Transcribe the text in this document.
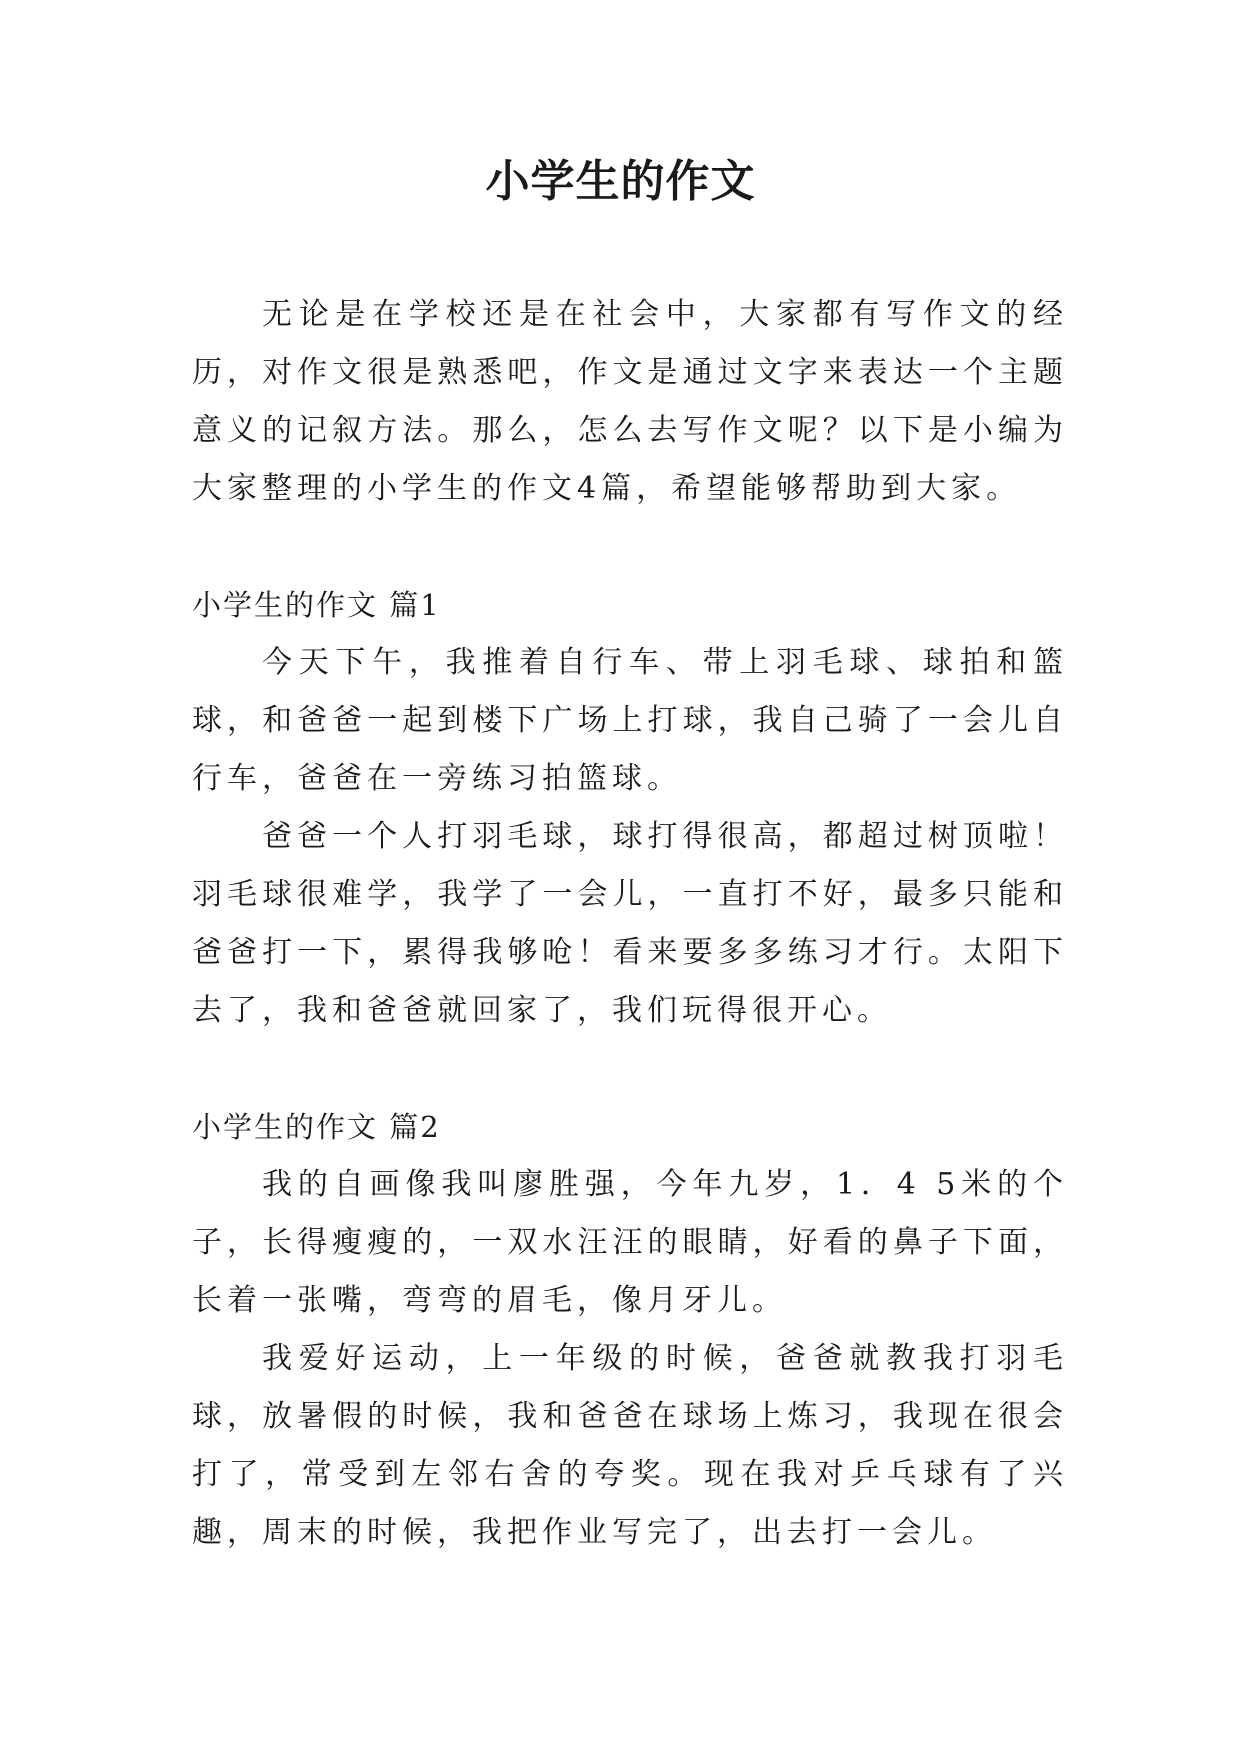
小学生的作文

无论是在学校还是在社会中，大家都有写作文的经历，对作文很是熟悉吧，作文是通过文字来表达一个主题意义的记叙方法。那么，怎么去写作文呢？以下是小编为大家整理的小学生的作文4篇，希望能够帮助到大家。

小学生的作文 篇1

今天下午，我推着自行车、带上羽毛球、球拍和篮球，和爸爸一起到楼下广场上打球，我自己骑了一会儿自行车，爸爸在一旁练习拍篮球。

爸爸一个人打羽毛球，球打得很高，都超过树顶啦！羽毛球很难学，我学了一会儿，一直打不好，最多只能和爸爸打一下，累得我够呛！看来要多多练习才行。太阳下去了，我和爸爸就回家了，我们玩得很开心。

小学生的作文 篇2

我的自画像我叫廖胜强，今年九岁，1．4 5米的个子，长得瘦瘦的，一双水汪汪的眼睛，好看的鼻子下面，长着一张嘴，弯弯的眉毛，像月牙儿。

我爱好运动，上一年级的时候，爸爸就教我打羽毛球，放暑假的时候，我和爸爸在球场上炼习，我现在很会打了，常受到左邻右舍的夸奖。现在我对乒乓球有了兴趣，周末的时候，我把作业写完了，出去打一会儿。
